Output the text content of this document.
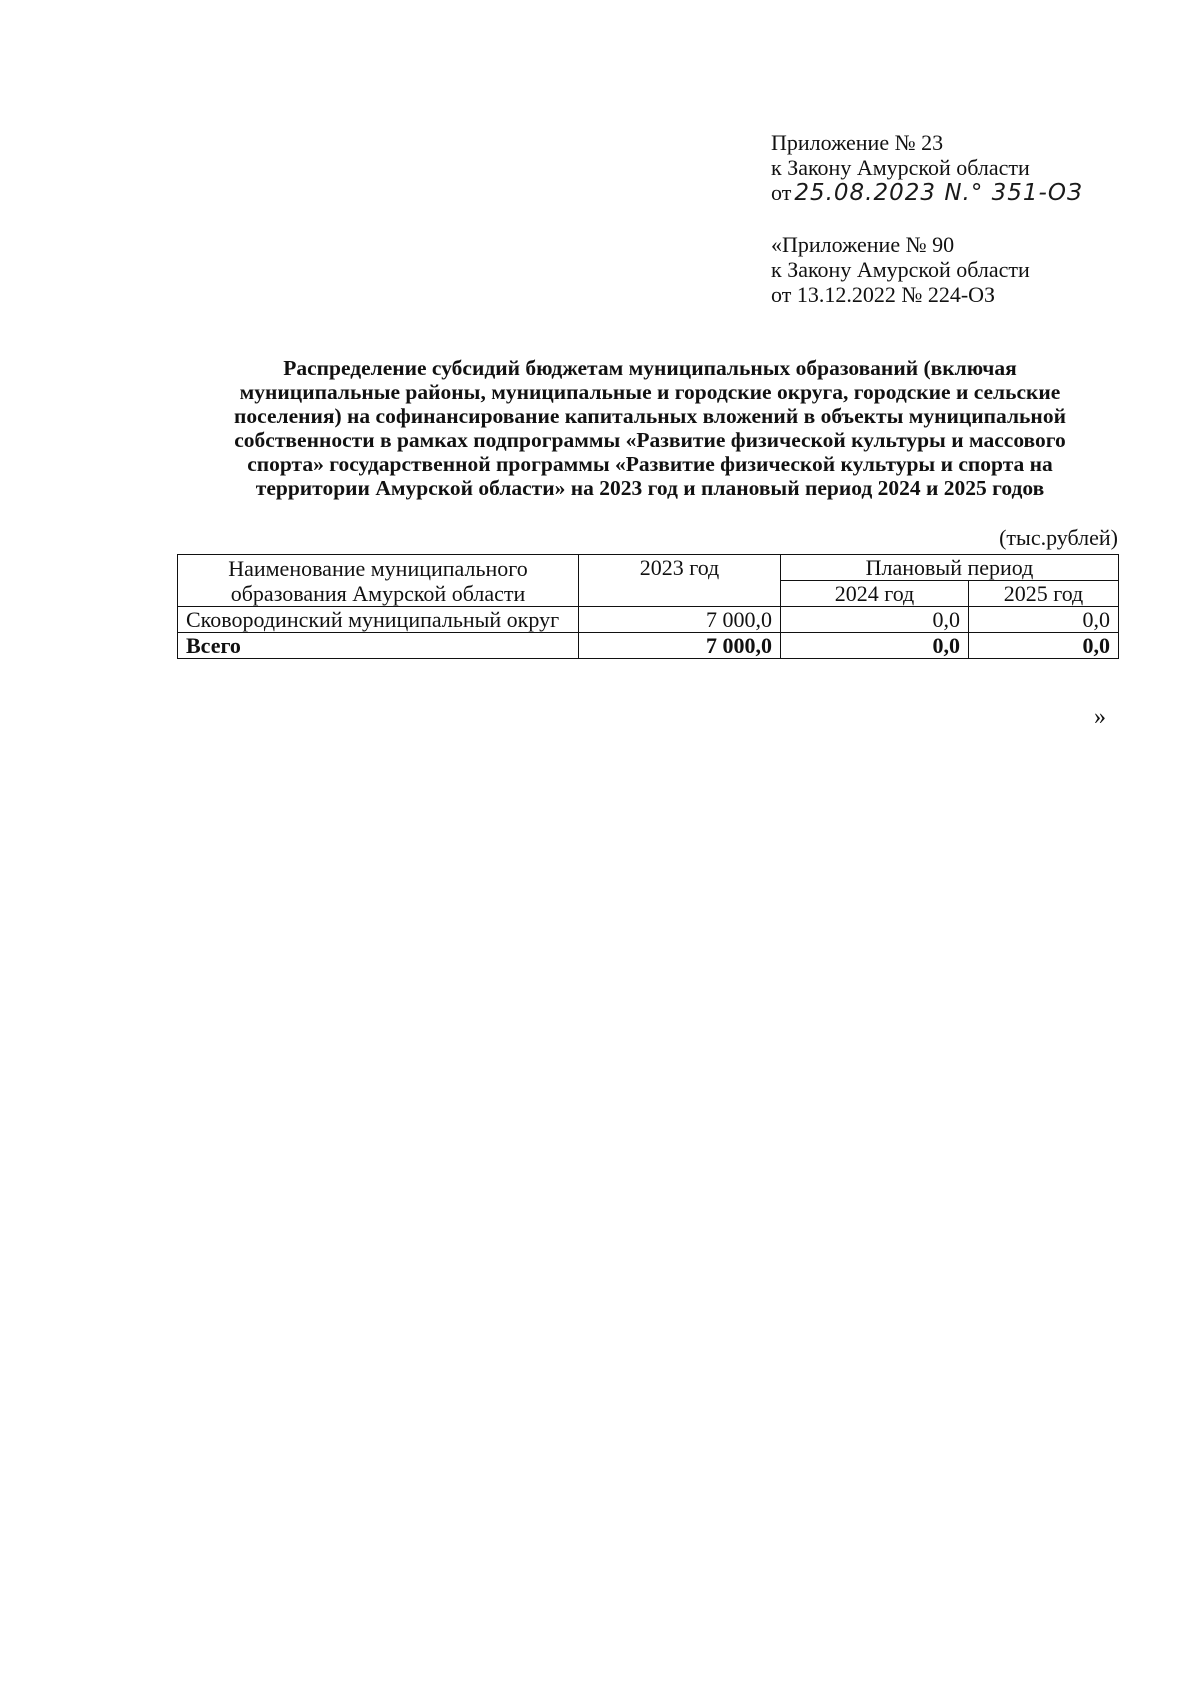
Приложение № 23
к Закону Амурской области
от 25.08.2023 N.° 351-ОЗ
«Приложение № 90
к Закону Амурской области
от 13.12.2022 № 224-ОЗ
Распределение субсидий бюджетам муниципальных образований (включая
муниципальные районы, муниципальные и городские округа, городские и сельские
поселения) на софинансирование капитальных вложений в объекты муниципальной
собственности в рамках подпрограммы «Развитие физической культуры и массового
спорта» государственной программы «Развитие физической культуры и спорта на
территории Амурской области» на 2023 год и плановый период 2024 и 2025 годов
(тыс.рублей)
Наименование муниципального образования Амурской области	2023 год	Плановый период	
		2024 год	2025 год
Сковородинский муниципальный округ	7 000,0	0,0	0,0
Всего	7 000,0	0,0	0,0
»
